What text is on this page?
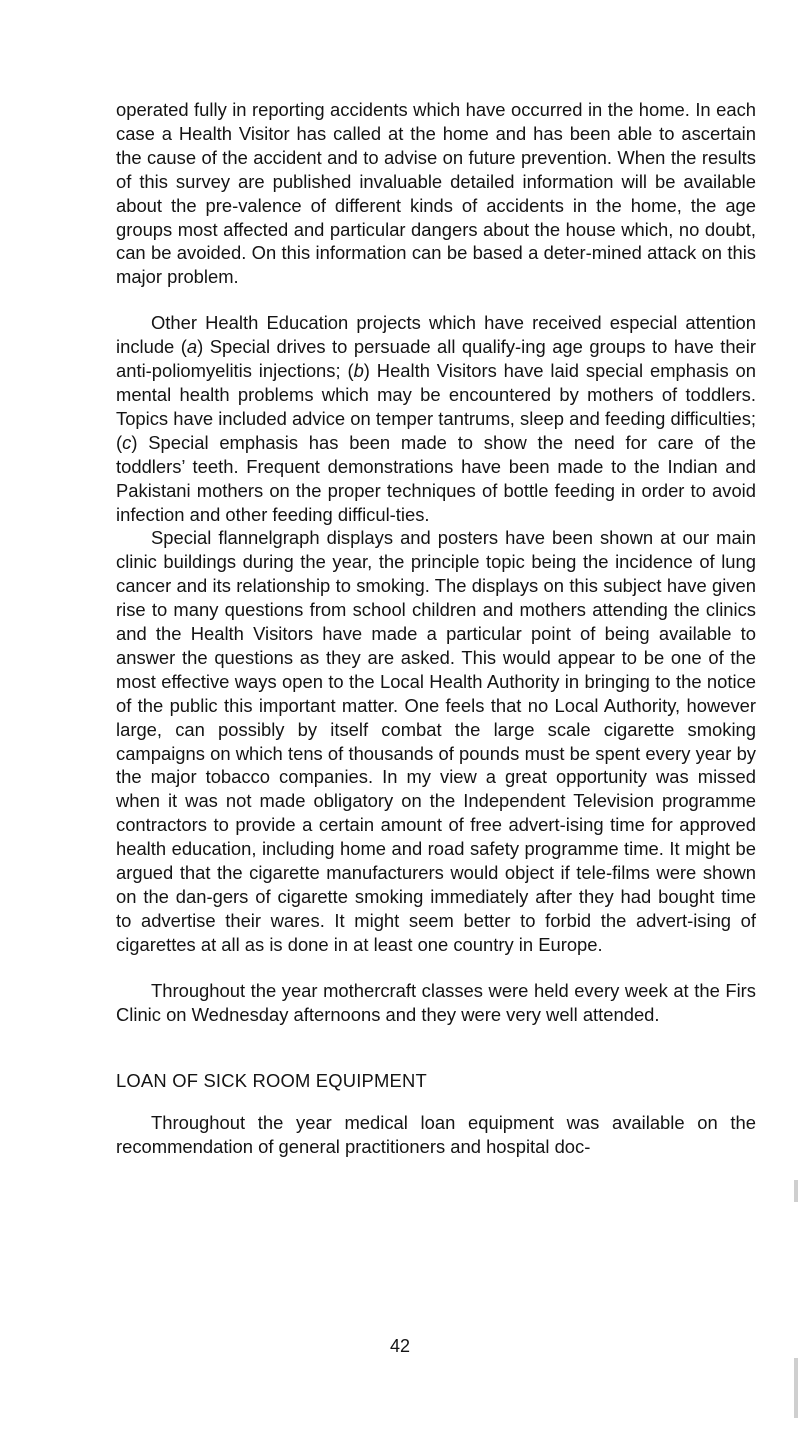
operated fully in reporting accidents which have occurred in the home. In each case a Health Visitor has called at the home and has been able to ascertain the cause of the accident and to advise on future prevention. When the results of this survey are published invaluable detailed information will be available about the pre-valence of different kinds of accidents in the home, the age groups most affected and particular dangers about the house which, no doubt, can be avoided. On this information can be based a deter-mined attack on this major problem.

Other Health Education projects which have received especial attention include (a) Special drives to persuade all qualify-ing age groups to have their anti-poliomyelitis injections; (b) Health Visitors have laid special emphasis on mental health problems which may be encountered by mothers of toddlers. Topics have included advice on temper tantrums, sleep and feeding difficulties; (c) Special emphasis has been made to show the need for care of the toddlers’ teeth. Frequent demonstrations have been made to the Indian and Pakistani mothers on the proper techniques of bottle feeding in order to avoid infection and other feeding difficul-ties.

Special flannelgraph displays and posters have been shown at our main clinic buildings during the year, the principle topic being the incidence of lung cancer and its relationship to smoking. The displays on this subject have given rise to many questions from school children and mothers attending the clinics and the Health Visitors have made a particular point of being available to answer the questions as they are asked. This would appear to be one of the most effective ways open to the Local Health Authority in bringing to the notice of the public this important matter. One feels that no Local Authority, however large, can possibly by itself combat the large scale cigarette smoking campaigns on which tens of thousands of pounds must be spent every year by the major tobacco companies. In my view a great opportunity was missed when it was not made obligatory on the Independent Television programme contractors to provide a certain amount of free advert-ising time for approved health education, including home and road safety programme time. It might be argued that the cigarette manufacturers would object if tele-films were shown on the dan-gers of cigarette smoking immediately after they had bought time to advertise their wares. It might seem better to forbid the advert-ising of cigarettes at all as is done in at least one country in Europe.

Throughout the year mothercraft classes were held every week at the Firs Clinic on Wednesday afternoons and they were very well attended.

LOAN OF SICK ROOM EQUIPMENT

Throughout the year medical loan equipment was available on the recommendation of general practitioners and hospital doc-

42
